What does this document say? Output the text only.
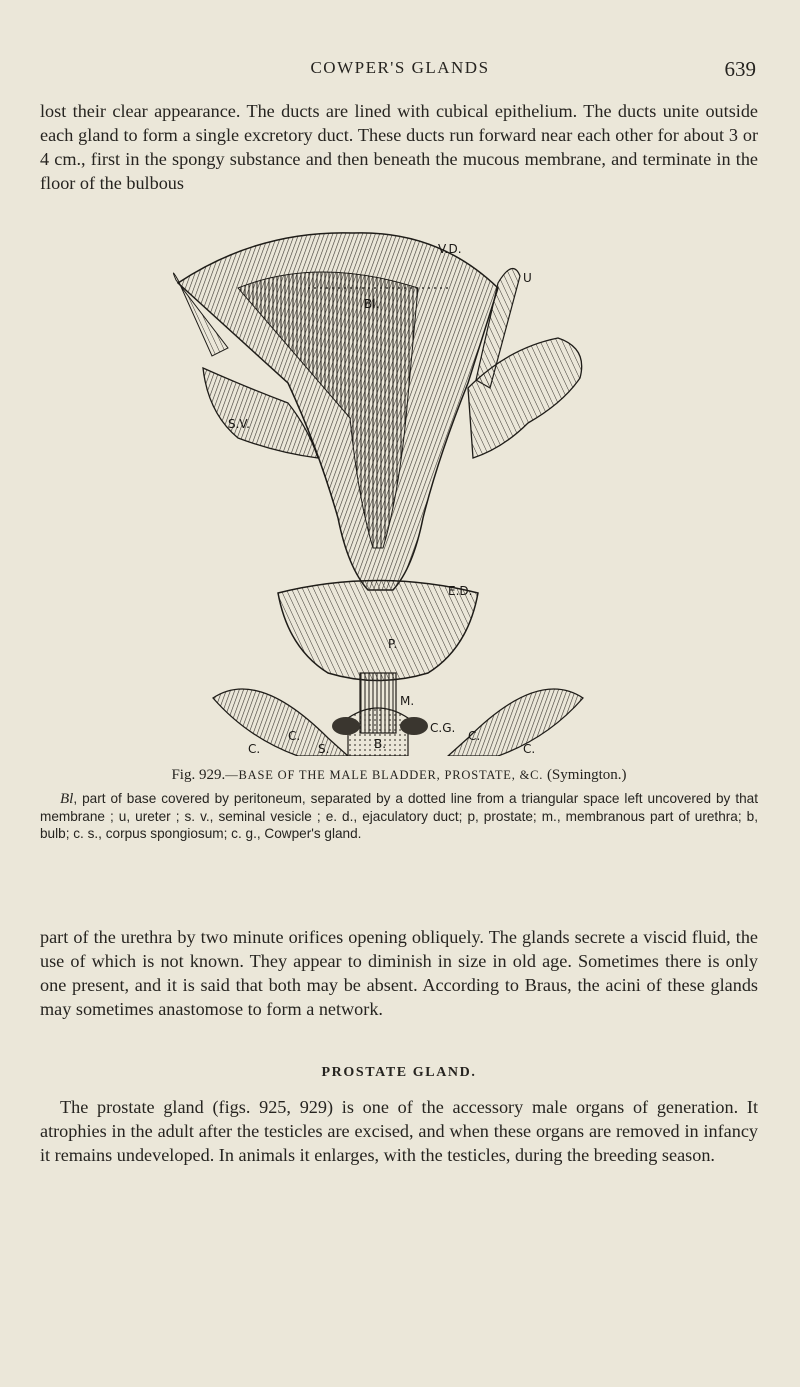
COWPER'S GLANDS	639

lost their clear appearance. The ducts are lined with cubical epithelium. The ducts unite outside each gland to form a single excretory duct. These ducts run forward near each other for about 3 or 4 cm., first in the spongy substance and then beneath the mucous membrane, and terminate in the floor of the bulbous

V.D.
U
Bl.
S.V.
E.D.
P.
M.
C.G.
B.	C.
C.	S.
C.	C.
Fig. 929.—BASE OF THE MALE BLADDER, PROSTATE, &C. (Symington.)

Bl, part of base covered by peritoneum, separated by a dotted line from a triangular space left uncovered by that membrane ; u, ureter ; s. v., seminal vesicle ; e. d., ejaculatory duct; p, prostate; m., membranous part of urethra; b, bulb; c. s., corpus spongiosum; c. g., Cowper's gland.

part of the urethra by two minute orifices opening obliquely. The glands secrete a viscid fluid, the use of which is not known. They appear to diminish in size in old age. Sometimes there is only one present, and it is said that both may be absent. According to Braus, the acini of these glands may sometimes anastomose to form a network.

PROSTATE GLAND.

The prostate gland (figs. 925, 929) is one of the accessory male organs of generation. It atrophies in the adult after the testicles are excised, and when these organs are removed in infancy it remains undeveloped. In animals it enlarges, with the testicles, during the breeding season.
